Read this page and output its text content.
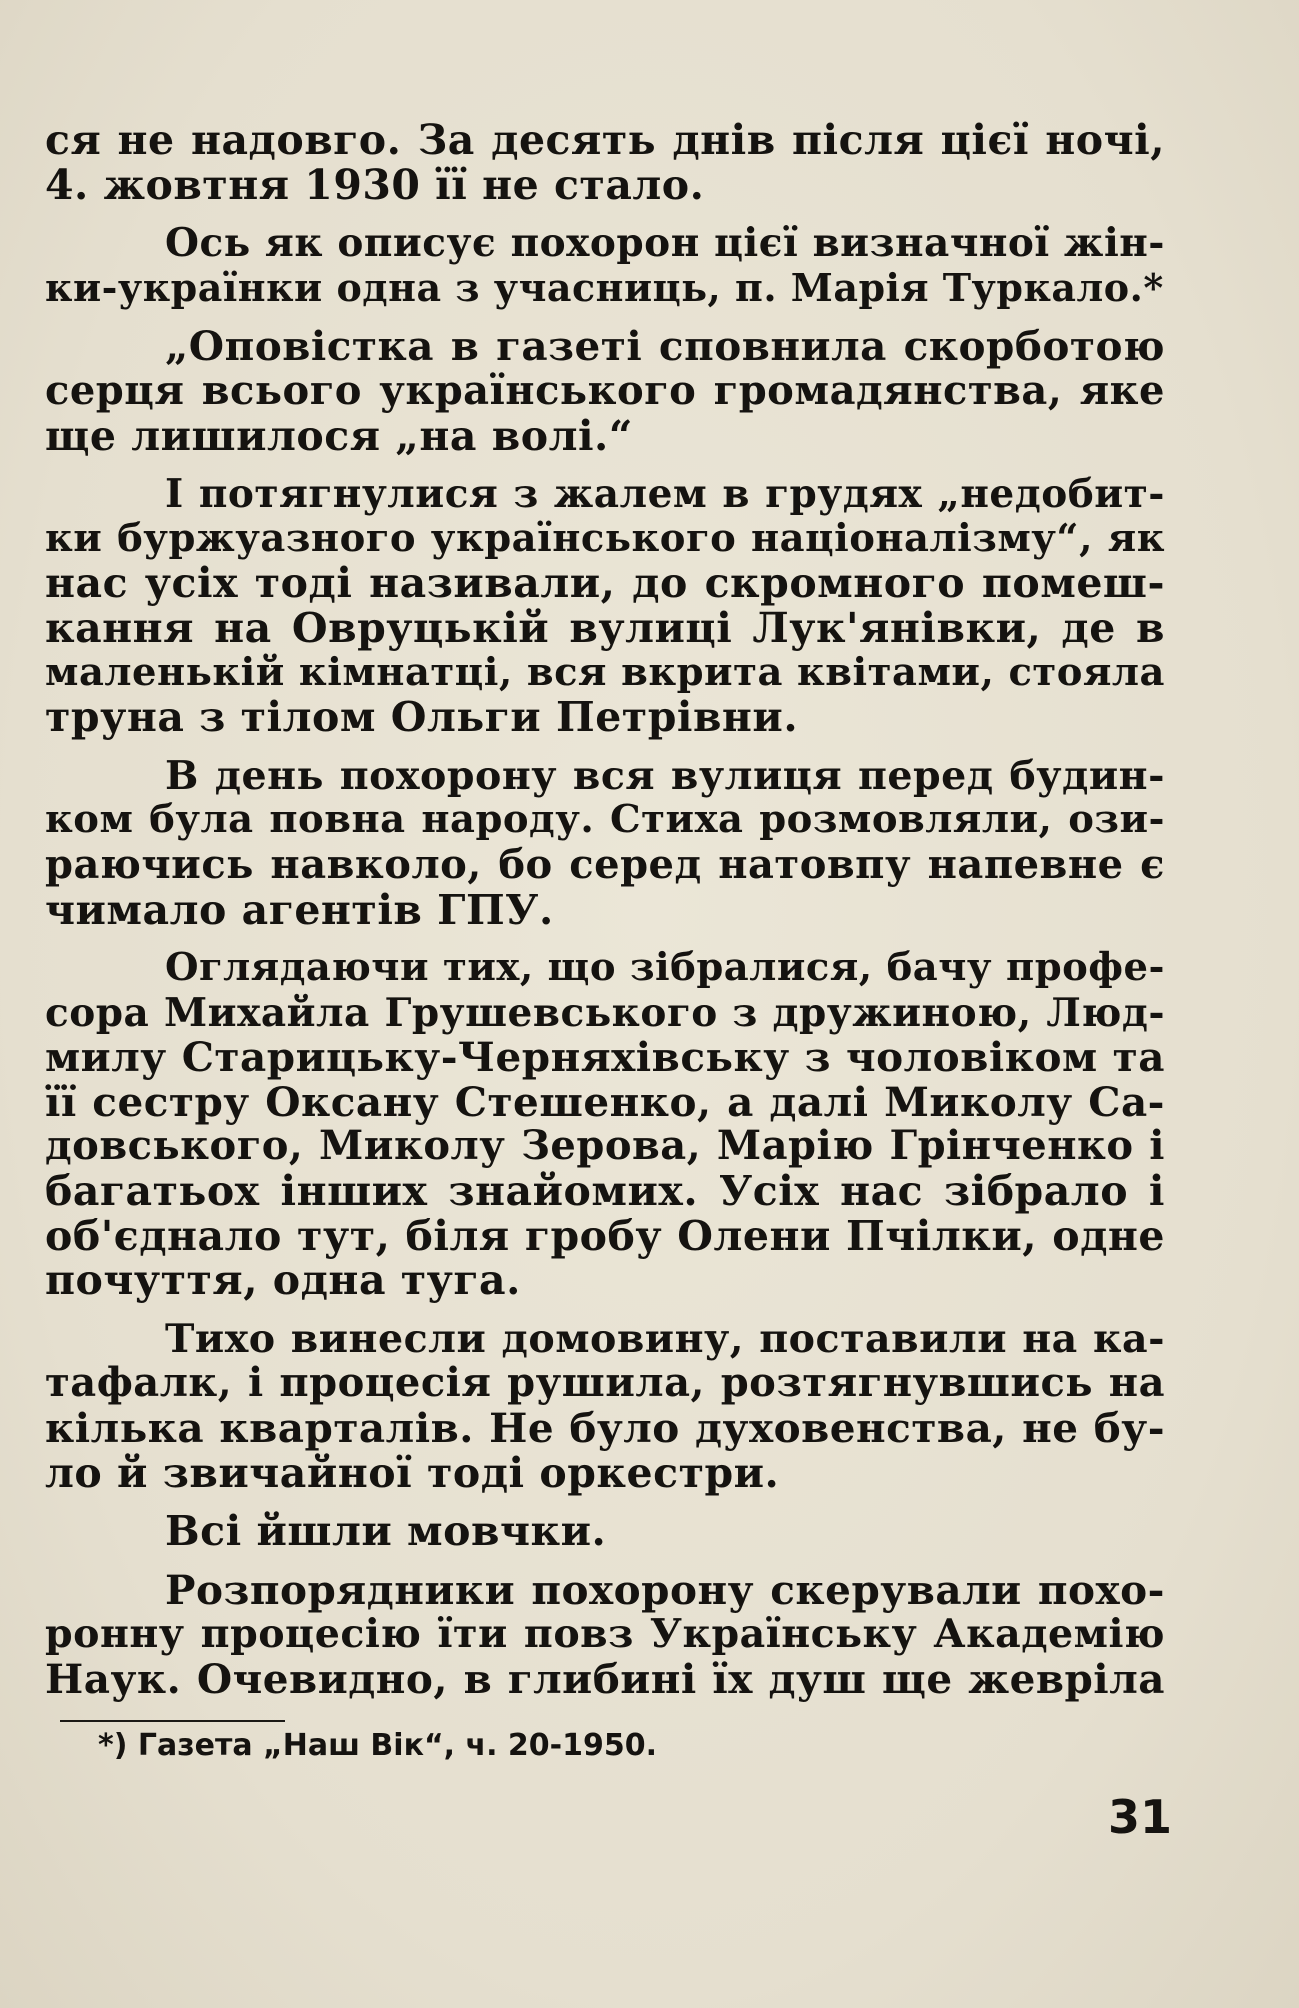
ся не надовго. За десять днів після цієї ночі,
4. жовтня 1930 її не стало.
Ось як описує похорон цієї визначної жін-
ки-українки одна з учасниць, п. Марія Туркало.*
„Оповістка в газеті сповнила скорботою
серця всього українського громадянства, яке
ще лишилося „на волі.“
І потягнулися з жалем в грудях „недобит-
ки буржуазного українського націоналізму“, як
нас усіх тоді називали, до скромного помеш-
кання на Овруцькій вулиці Лук'янівки, де в
маленькій кімнатці, вся вкрита квітами, стояла
труна з тілом Ольги Петрівни.
В день похорону вся вулиця перед будин-
ком була повна народу. Стиха розмовляли, ози-
раючись навколо, бо серед натовпу напевне є
чимало агентів ГПУ.
Оглядаючи тих, що зібралися, бачу профе-
сора Михайла Грушевського з дружиною, Люд-
милу Старицьку-Черняхівську з чоловіком та
її сестру Оксану Стешенко, а далі Миколу Са-
довського, Миколу Зерова, Марію Грінченко і
багатьох інших знайомих. Усіх нас зібрало і
об'єднало тут, біля гробу Олени Пчілки, одне
почуття, одна туга.
Тихо винесли домовину, поставили на ка-
тафалк, і процесія рушила, розтягнувшись на
кілька кварталів. Не було духовенства, не бу-
ло й звичайної тоді оркестри.
Всі йшли мовчки.
Розпорядники похорону скерували похо-
ронну процесію їти повз Українську Академію
Наук. Очевидно, в глибині їх душ ще жевріла
*) Газета „Наш Вік“, ч. 20-1950.
31
